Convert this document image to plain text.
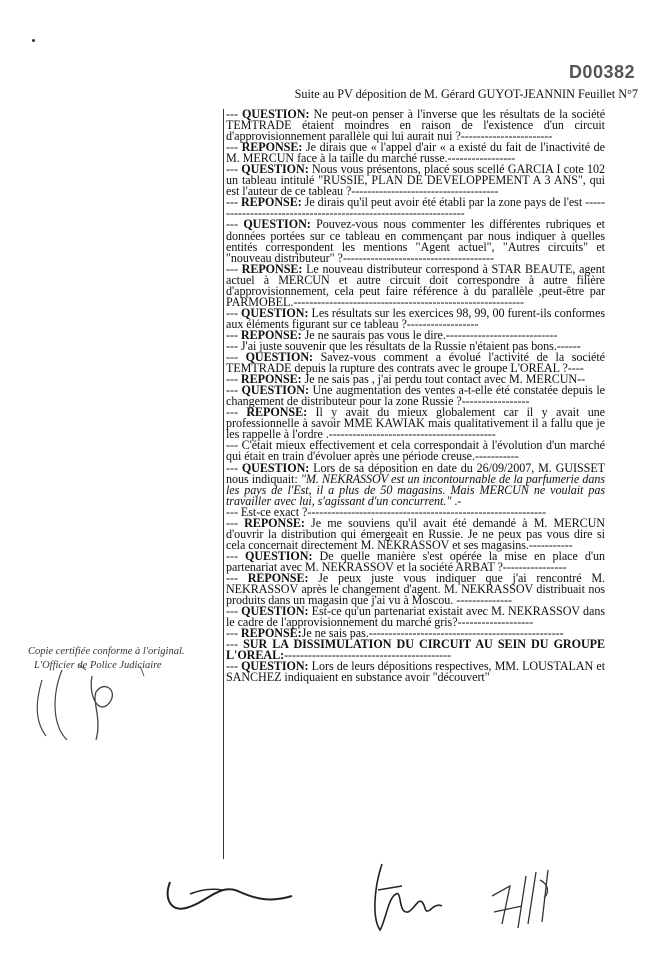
D00382
Suite au PV déposition de M. Gérard GUYOT-JEANNIN Feuillet N°7

--- QUESTION: Ne peut-on penser à l'inverse que les résultats de la société TEMTRADE étaient moindres en raison de l'existence d'un circuit d'approvisionnement parallèle qui lui aurait nui ?-----------------------

--- REPONSE: Je dirais que « l'appel d'air « a existé du fait de l'inactivité de M. MERCUN face à la taille du marché russe.-----------------

--- QUESTION: Nous vous présentons, placé sous scellé GARCIA I cote 102 un tableau intitulé "RUSSIE, PLAN DE DEVELOPPEMENT A 3 ANS", qui est l'auteur de ce tableau ?-------------------------------------

--- REPONSE: Je dirais qu'il peut avoir été établi par la zone pays de l'est -----------------------------------------------------------------

--- QUESTION: Pouvez-vous nous commenter les différentes rubriques et données portées sur ce tableau en commençant par nous indiquer à quelles entités correspondent les mentions "Agent actuel", "Autres circuits" et "nouveau distributeur" ?--------------------------------------

--- REPONSE: Le nouveau distributeur correspond à STAR BEAUTE, agent actuel à MERCUN et autre circuit doit correspondre à autre filière d'approvisionnement, cela peut faire référence à du parallèle ,peut-être par PARMOBEL.----------------------------------------------------------

--- QUESTION: Les résultats sur les exercices 98, 99, 00 furent-ils conformes aux éléments figurant sur ce tableau ?------------------

--- REPONSE: Je ne saurais pas vous le dire.----------------------------

--- J'ai juste souvenir que les résultats de la Russie n'étaient pas bons.------

--- QUESTION: Savez-vous comment a évolué l'activité de la société TEMTRADE depuis la rupture des contrats avec le groupe L'OREAL ?----

--- REPONSE: Je ne sais pas , j'ai perdu tout contact avec M. MERCUN--

--- QUESTION: Une augmentation des ventes a-t-elle été constatée depuis le changement de distributeur pour la zone Russie ?-----------------

--- REPONSE: Il y avait du mieux globalement car il y avait une professionnelle à savoir MME KAWIAK mais qualitativement il a fallu que je les rappelle à l'ordre .------------------------------------------

--- C'était mieux effectivement et cela correspondait à l'évolution d'un marché qui était en train d'évoluer après une période creuse.-----------

--- QUESTION: Lors de sa déposition en date du 26/09/2007, M. GUISSET nous indiquait: "M. NEKRASSOV est un incontournable de la parfumerie dans les pays de l'Est, il a plus de 50 magasins. Mais MERCUN ne voulait pas travailler avec lui, s'agissant d'un concurrent." .-

--- Est-ce exact ?------------------------------------------------------------

--- REPONSE: Je me souviens qu'il avait été demandé à M. MERCUN d'ouvrir la distribution qui émergeait en Russie. Je ne peux pas vous dire si cela concernait directement M. NEKRASSOV et ses magasins.-----------

--- QUESTION: De quelle manière s'est opérée la mise en place d'un partenariat avec M. NEKRASSOV et la société ARBAT ?----------------

--- REPONSE: Je peux juste vous indiquer que j'ai rencontré M. NEKRASSOV après le changement d'agent. M. NEKRASSOV distribuait nos produits dans un magasin que j'ai vu à Moscou. --------------

--- QUESTION: Est-ce qu'un partenariat existait avec M. NEKRASSOV dans le cadre de l'approvisionnement du marché gris?-------------------

--- REPONSE:Je ne sais pas.-------------------------------------------------

--- SUR LA DISSIMULATION DU CIRCUIT AU SEIN DU GROUPE L'OREAL:------------------------------------------

--- QUESTION: Lors de leurs dépositions respectives, MM. LOUSTALAN et SANCHEZ indiquaient en substance avoir "découvert"

Copie certifiée conforme à l'original.
L'Officier de Police Judiciaire
